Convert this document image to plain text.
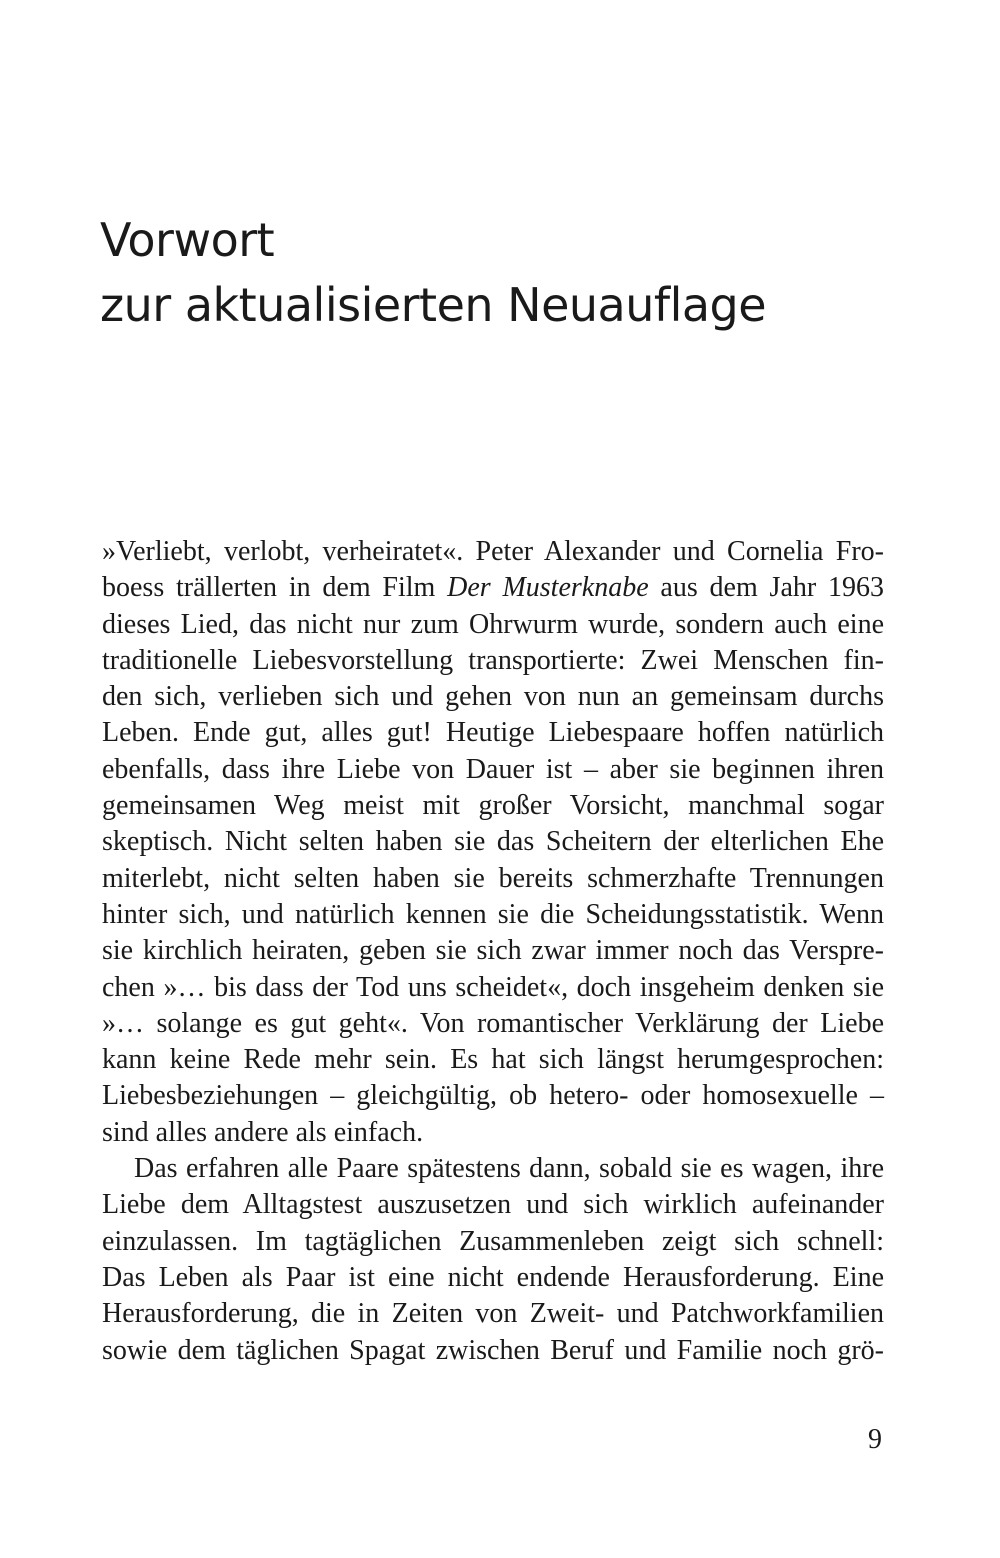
Vorwort
zur aktualisierten Neuauflage
»Verliebt, verlobt, verheiratet«. Peter Alexander und Cornelia Fro-
boess trällerten in dem Film Der Musterknabe aus dem Jahr 1963
dieses Lied, das nicht nur zum Ohrwurm wurde, sondern auch eine
traditionelle Liebesvorstellung transportierte: Zwei Menschen fin-
den sich, verlieben sich und gehen von nun an gemeinsam durchs
Leben. Ende gut, alles gut! Heutige Liebespaare hoffen natürlich
ebenfalls, dass ihre Liebe von Dauer ist – aber sie beginnen ihren
gemeinsamen Weg meist mit großer Vorsicht, manchmal sogar
skeptisch. Nicht selten haben sie das Scheitern der elterlichen Ehe
miterlebt, nicht selten haben sie bereits schmerzhafte Trennungen
hinter sich, und natürlich kennen sie die Scheidungsstatistik. Wenn
sie kirchlich heiraten, geben sie sich zwar immer noch das Verspre-
chen »… bis dass der Tod uns scheidet«, doch insgeheim denken sie
»… solange es gut geht«. Von romantischer Verklärung der Liebe
kann keine Rede mehr sein. Es hat sich längst herumgesprochen:
Liebesbeziehungen – gleichgültig, ob hetero- oder homosexuelle –
sind alles andere als einfach.
Das erfahren alle Paare spätestens dann, sobald sie es wagen, ihre
Liebe dem Alltagstest auszusetzen und sich wirklich aufeinander
einzulassen. Im tagtäglichen Zusammenleben zeigt sich schnell:
Das Leben als Paar ist eine nicht endende Herausforderung. Eine
Herausforderung, die in Zeiten von Zweit- und Patchworkfamilien
sowie dem täglichen Spagat zwischen Beruf und Familie noch grö-
9
